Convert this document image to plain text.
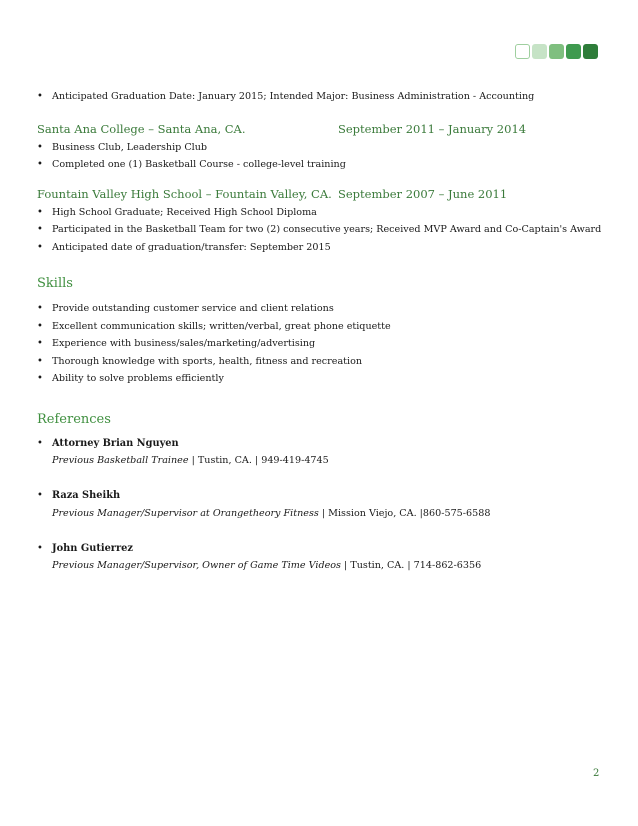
• Anticipated Graduation Date: January 2015; Intended Major: Business Administration - Accounting
Santa Ana College – Santa Ana, CA.	September 2011 – January 2014
• Business Club, Leadership Club
• Completed one (1) Basketball Course - college-level training
Fountain Valley High School – Fountain Valley, CA. September 2007 – June 2011
• High School Graduate; Received High School Diploma
• Participated in the Basketball Team for two (2) consecutive years; Received MVP Award and Co-Captain's Award
• Anticipated date of graduation/transfer: September 2015
Skills
• Provide outstanding customer service and client relations
• Excellent communication skills; written/verbal, great phone etiquette
• Experience with business/sales/marketing/advertising
• Thorough knowledge with sports, health, fitness and recreation
• Ability to solve problems efficiently
References
• Attorney Brian Nguyen
Previous Basketball Trainee | Tustin, CA. | 949-419-4745
• Raza Sheikh
Previous Manager/Supervisor at Orangetheory Fitness | Mission Viejo, CA. |860-575-6588
• John Gutierrez
Previous Manager/Supervisor, Owner of Game Time Videos | Tustin, CA. | 714-862-6356
2
